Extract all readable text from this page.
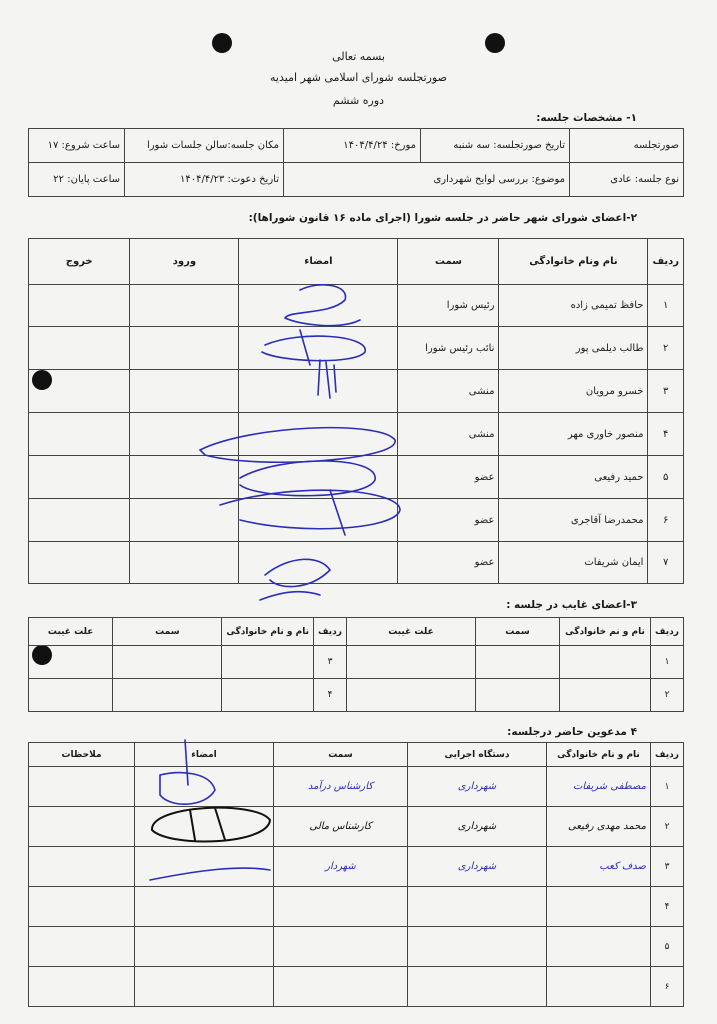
بسمه تعالی
صورتجلسه شورای اسلامی شهر امیدیه
دوره ششم
۱- مشخصات جلسه:
صورتجلسه	تاریخ صورتجلسه: سه شنبه	مورخ: ۱۴۰۴/۴/۲۴	مکان جلسه:سالن جلسات شورا	ساعت شروع: ۱۷
نوع جلسه: عادی	موضوع: بررسی لوایح شهرداری		تاریخ دعوت: ۱۴۰۴/۴/۲۳	ساعت پایان: ۲۲
۲-اعضای شورای شهر حاضر در جلسه شورا (اجرای ماده ۱۶ قانون شوراها):
ردیف	نام ونام خانوادگی	سمت	امضاء	ورود	خروج
۱	حافظ تمیمی زاده	رئیس شورا			
۲	طالب دیلمی پور	نائب رئیس شورا			
۳	خسرو مرویان	منشی			
۴	منصور خاوری مهر	منشی			
۵	حمید رفیعی	عضو			
۶	محمدرضا آقاجری	عضو			
۷	ایمان شریفات	عضو			
۳-اعضای غایب در جلسه :
ردیف	نام و نم خانوادگی	سمت	علت غیبت	ردیف	نام و نام خانوادگی	سمت	علت غیبت
۱				۳			
۲				۴			
۴ مدعوین حاضر درجلسه:
ردیف	نام و نام خانوادگی	دستگاه اجرایی	سمت	امضاء	ملاحظات
۱	مصطفی شریفات	شهرداری	کارشناس درآمد		
۲	محمد مهدی رفیعی	شهرداری	کارشناس مالی		
۳	صدف کعب	شهرداری	شهردار		
۴					
۵					
۶					
